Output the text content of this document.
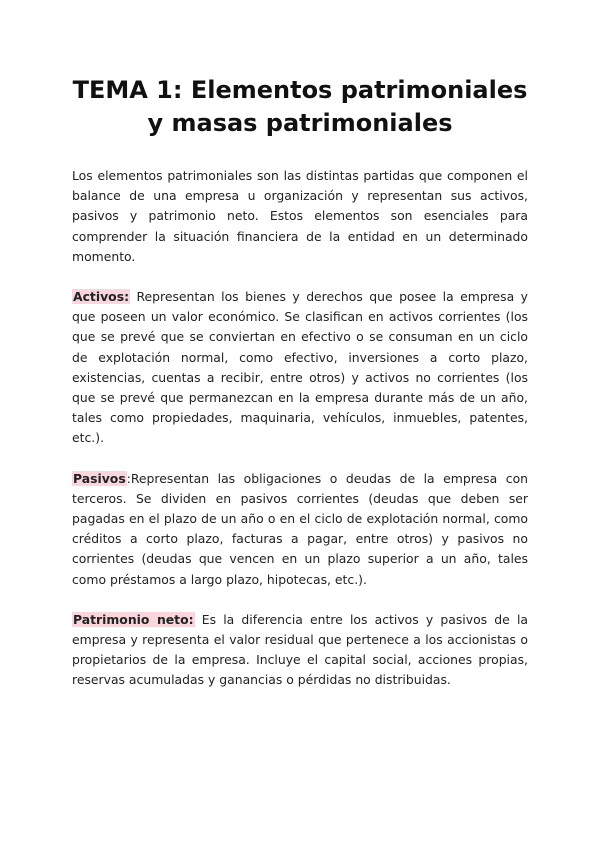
TEMA 1: Elementos patrimoniales y masas patrimoniales

Los elementos patrimoniales son las distintas partidas que componen el balance de una empresa u organización y representan sus activos, pasivos y patrimonio neto. Estos elementos son esenciales para comprender la situación financiera de la entidad en un determinado momento.

Activos: Representan los bienes y derechos que posee la empresa y que poseen un valor económico. Se clasifican en activos corrientes (los que se prevé que se conviertan en efectivo o se consuman en un ciclo de explotación normal, como efectivo, inversiones a corto plazo, existencias, cuentas a recibir, entre otros) y activos no corrientes (los que se prevé que permanezcan en la empresa durante más de un año, tales como propiedades, maquinaria, vehículos, inmuebles, patentes, etc.).

Pasivos:Representan las obligaciones o deudas de la empresa con terceros. Se dividen en pasivos corrientes (deudas que deben ser pagadas en el plazo de un año o en el ciclo de explotación normal, como créditos a corto plazo, facturas a pagar, entre otros) y pasivos no corrientes (deudas que vencen en un plazo superior a un año, tales como préstamos a largo plazo, hipotecas, etc.).

Patrimonio neto: Es la diferencia entre los activos y pasivos de la empresa y representa el valor residual que pertenece a los accionistas o propietarios de la empresa. Incluye el capital social, acciones propias, reservas acumuladas y ganancias o pérdidas no distribuidas.
